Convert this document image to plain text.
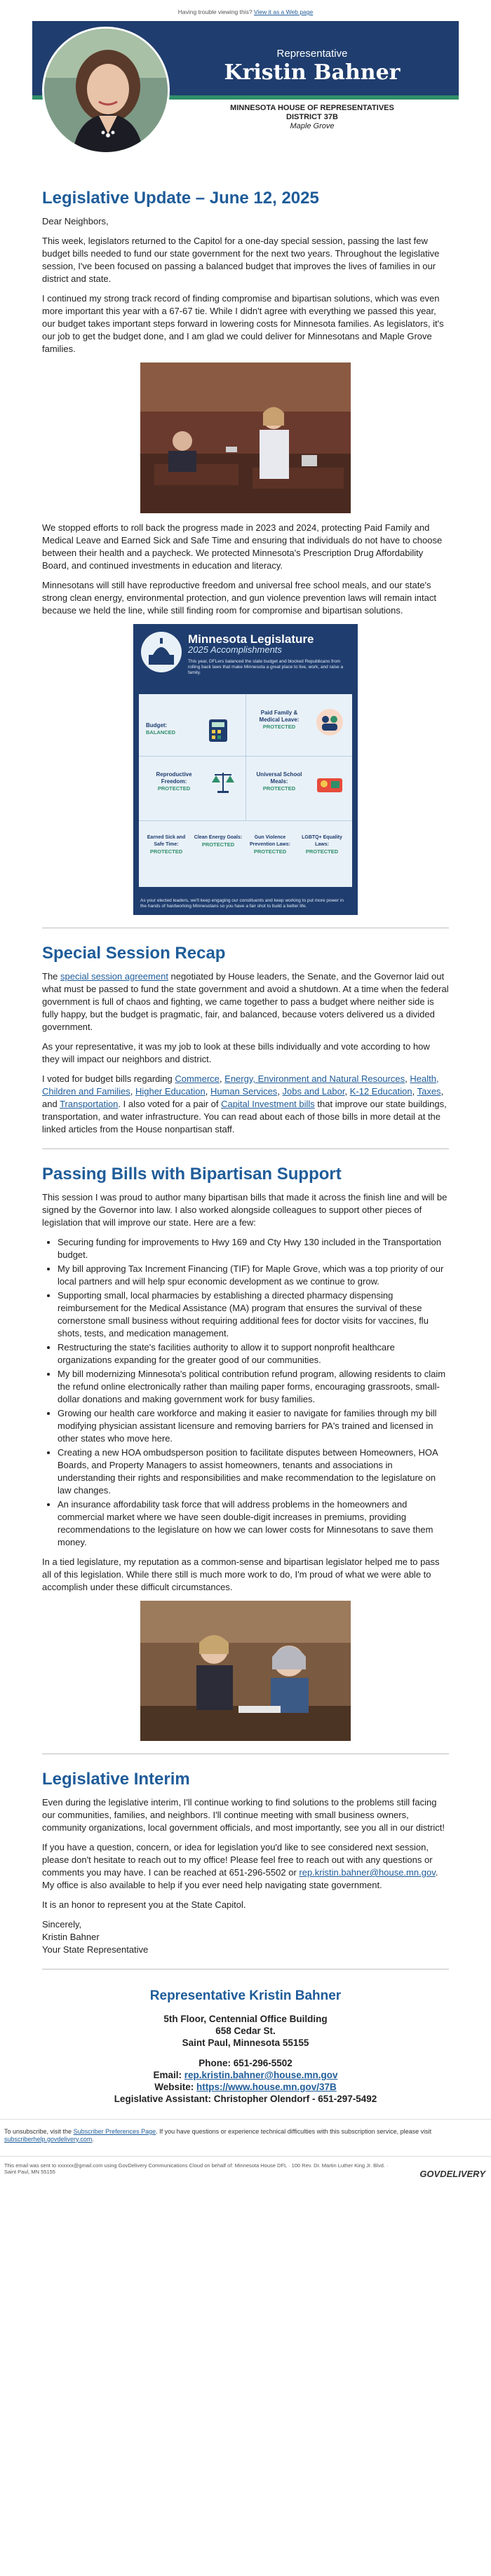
Having trouble viewing this? View it as a Web page
Representative
Kristin Bahner
MINNESOTA HOUSE OF REPRESENTATIVES
DISTRICT 37B
Maple Grove
Legislative Update – June 12, 2025

Dear Neighbors,

This week, legislators returned to the Capitol for a one-day special session, passing the last few budget bills needed to fund our state government for the next two years. Throughout the legislative session, I've been focused on passing a balanced budget that improves the lives of families in our district and state.

I continued my strong track record of finding compromise and bipartisan solutions, which was even more important this year with a 67-67 tie. While I didn't agree with everything we passed this year, our budget takes important steps forward in lowering costs for Minnesota families. As legislators, it's our job to get the budget done, and I am glad we could deliver for Minnesotans and Maple Grove families.

We stopped efforts to roll back the progress made in 2023 and 2024, protecting Paid Family and Medical Leave and Earned Sick and Safe Time and ensuring that individuals do not have to choose between their health and a paycheck. We protected Minnesota's Prescription Drug Affordability Board, and continued investments in education and literacy.

Minnesotans will still have reproductive freedom and universal free school meals, and our state's strong clean energy, environmental protection, and gun violence prevention laws will remain intact because we held the line, while still finding room for compromise and bipartisan solutions.

Minnesota Legislature
2025 Accomplishments
This year, DFLers balanced the state budget and blocked Republicans from rolling back laws that make Minnesota a great place to live, work, and raise a family.
Budget:
BALANCED
Paid Family & Medical Leave:
PROTECTED
Reproductive Freedom:
PROTECTED
Universal School Meals:
PROTECTED
Earned Sick and Safe Time:
PROTECTED
Clean Energy Goals:
PROTECTED
Gun Violence Prevention Laws:
PROTECTED
LGBTQ+ Equality Laws:
PROTECTED
As your elected leaders, we'll keep engaging our constituents and keep working to put more power in the hands of hardworking Minnesotans so you have a fair shot to build a better life.
Special Session Recap

The special session agreement negotiated by House leaders, the Senate, and the Governor laid out what must be passed to fund the state government and avoid a shutdown. At a time when the federal government is full of chaos and fighting, we came together to pass a budget where neither side is fully happy, but the budget is pragmatic, fair, and balanced, because voters delivered us a divided government.

As your representative, it was my job to look at these bills individually and vote according to how they will impact our neighbors and district.

I voted for budget bills regarding Commerce, Energy, Environment and Natural Resources, Health, Children and Families, Higher Education, Human Services, Jobs and Labor, K-12 Education, Taxes, and Transportation. I also voted for a pair of Capital Investment bills that improve our state buildings, transportation, and water infrastructure. You can read about each of those bills in more detail at the linked articles from the House nonpartisan staff.

Passing Bills with Bipartisan Support

This session I was proud to author many bipartisan bills that made it across the finish line and will be signed by the Governor into law. I also worked alongside colleagues to support other pieces of legislation that will improve our state. Here are a few:

• Securing funding for improvements to Hwy 169 and Cty Hwy 130 included in the Transportation budget.
• My bill approving Tax Increment Financing (TIF) for Maple Grove, which was a top priority of our local partners and will help spur economic development as we continue to grow.
• Supporting small, local pharmacies by establishing a directed pharmacy dispensing reimbursement for the Medical Assistance (MA) program that ensures the survival of these cornerstone small business without requiring additional fees for doctor visits for vaccines, flu shots, tests, and medication management.
• Restructuring the state's facilities authority to allow it to support nonprofit healthcare organizations expanding for the greater good of our communities.
• My bill modernizing Minnesota's political contribution refund program, allowing residents to claim the refund online electronically rather than mailing paper forms, encouraging grassroots, small-dollar donations and making government work for busy families.
• Growing our health care workforce and making it easier to navigate for families through my bill modifying physician assistant licensure and removing barriers for PA's trained and licensed in other states who move here.
• Creating a new HOA ombudsperson position to facilitate disputes between Homeowners, HOA Boards, and Property Managers to assist homeowners, tenants and associations in understanding their rights and responsibilities and make recommendation to the legislature on law changes.
• An insurance affordability task force that will address problems in the homeowners and commercial market where we have seen double-digit increases in premiums, providing recommendations to the legislature on how we can lower costs for Minnesotans to save them money.

In a tied legislature, my reputation as a common-sense and bipartisan legislator helped me to pass all of this legislation. While there still is much more work to do, I'm proud of what we were able to accomplish under these difficult circumstances.

Legislative Interim

Even during the legislative interim, I'll continue working to find solutions to the problems still facing our communities, families, and neighbors. I'll continue meeting with small business owners, community organizations, local government officials, and most importantly, see you all in our district!

If you have a question, concern, or idea for legislation you'd like to see considered next session, please don't hesitate to reach out to my office! Please feel free to reach out with any questions or comments you may have. I can be reached at 651-296-5502 or rep.kristin.bahner@house.mn.gov. My office is also available to help if you ever need help navigating state government.

It is an honor to represent you at the State Capitol.

Sincerely,
Kristin Bahner
Your State Representative
Representative Kristin Bahner
5th Floor, Centennial Office Building
658 Cedar St.
Saint Paul, Minnesota 55155
Phone: 651-296-5502
Email: rep.kristin.bahner@house.mn.gov
Website: https://www.house.mn.gov/37B
Legislative Assistant: Christopher Olendorf - 651-297-5492
To unsubscribe, visit the Subscriber Preferences Page. If you have questions or experience technical difficulties with this subscription service, please visit subscriberhelp.govdelivery.com.
This email was sent to xxxxxx@gmail.com using GovDelivery Communications Cloud on behalf of: Minnesota House DFL · 100 Rev. Dr. Martin Luther King Jr. Blvd. · Saint Paul, MN 55155	GOVDELIVERY
